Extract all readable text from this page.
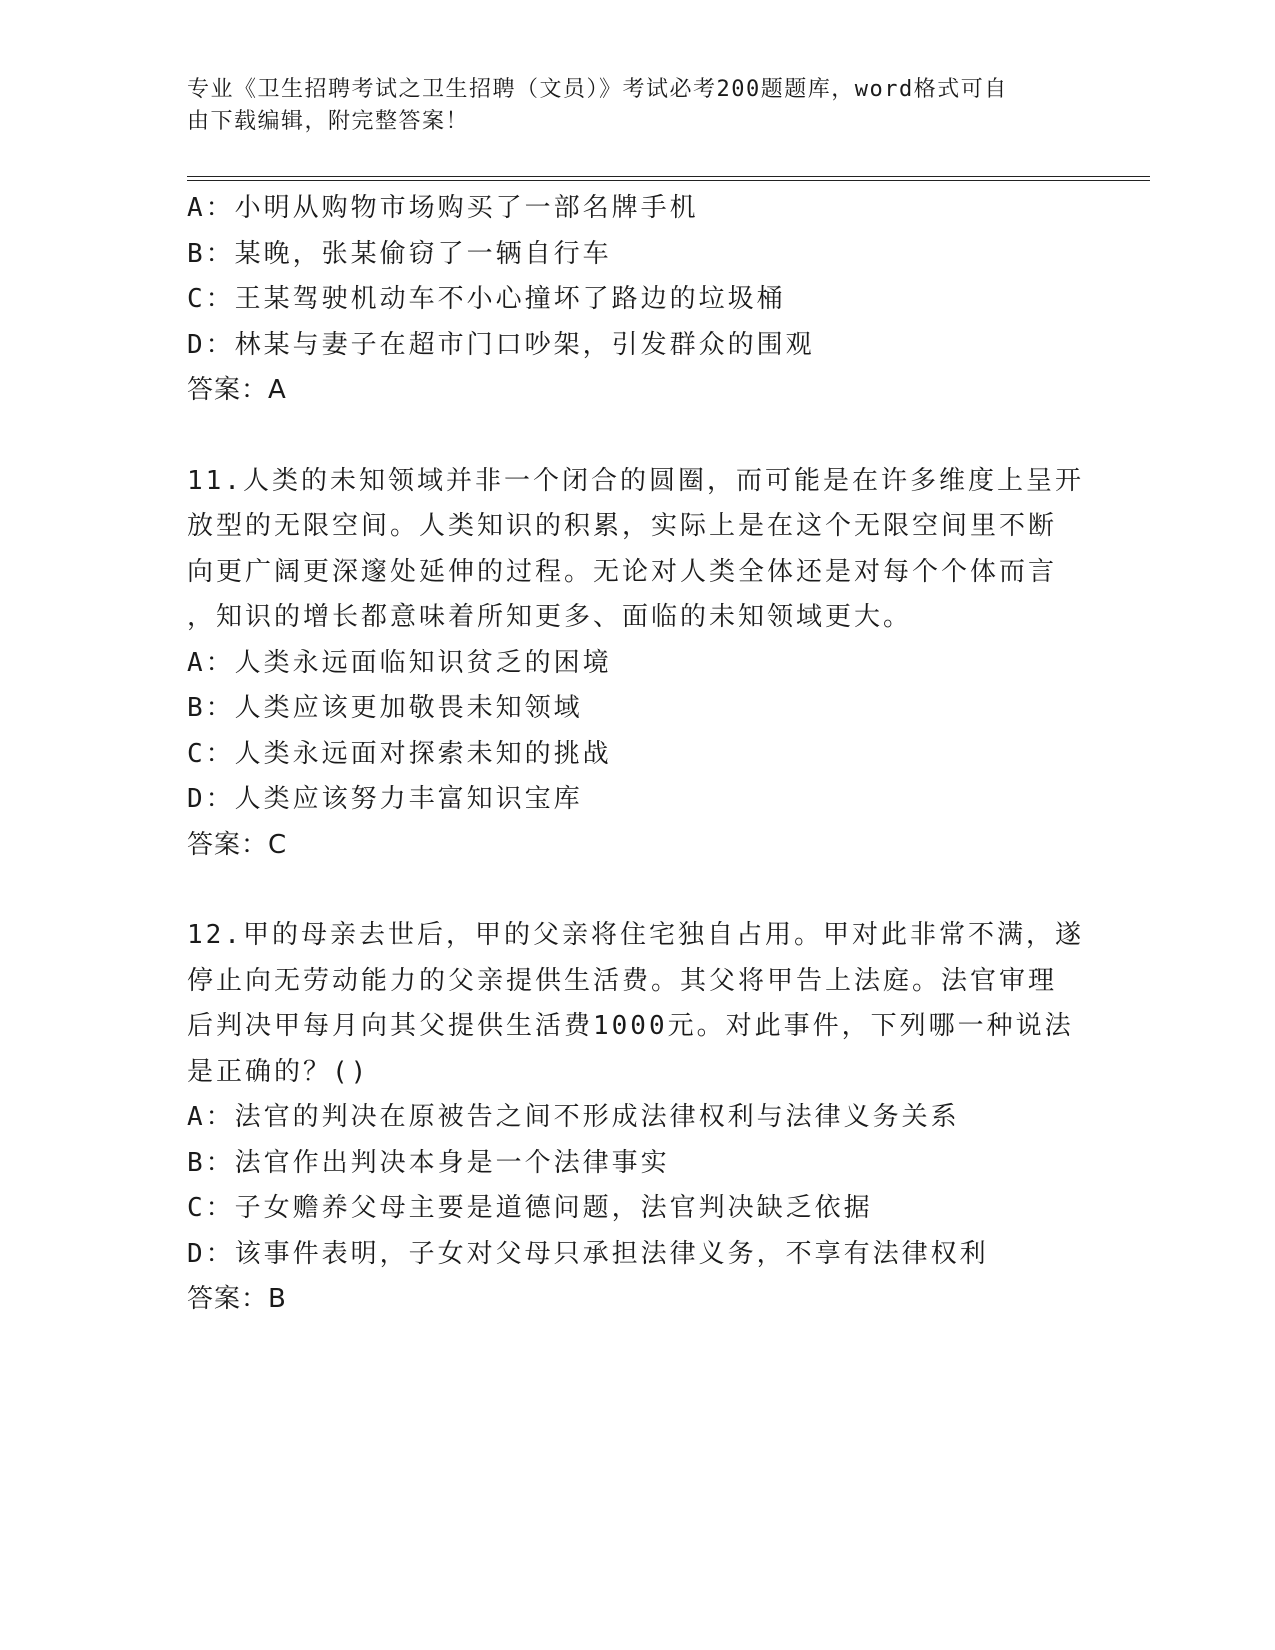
专业《卫生招聘考试之卫生招聘（文员）》考试必考200题题库，word格式可自
由下载编辑，附完整答案！
A：小明从购物市场购买了一部名牌手机
B：某晚，张某偷窃了一辆自行车
C：王某驾驶机动车不小心撞坏了路边的垃圾桶
D：林某与妻子在超市门口吵架，引发群众的围观
答案：A
11.人类的未知领域并非一个闭合的圆圈，而可能是在许多维度上呈开
放型的无限空间。人类知识的积累，实际上是在这个无限空间里不断
向更广阔更深邃处延伸的过程。无论对人类全体还是对每个个体而言
，知识的增长都意味着所知更多、面临的未知领域更大。
A：人类永远面临知识贫乏的困境
B：人类应该更加敬畏未知领域
C：人类永远面对探索未知的挑战
D：人类应该努力丰富知识宝库
答案：C
12.甲的母亲去世后，甲的父亲将住宅独自占用。甲对此非常不满，遂
停止向无劳动能力的父亲提供生活费。其父将甲告上法庭。法官审理
后判决甲每月向其父提供生活费1000元。对此事件，下列哪一种说法
是正确的？()
A：法官的判决在原被告之间不形成法律权利与法律义务关系
B：法官作出判决本身是一个法律事实
C：子女赡养父母主要是道德问题，法官判决缺乏依据
D：该事件表明，子女对父母只承担法律义务，不享有法律权利
答案：B
